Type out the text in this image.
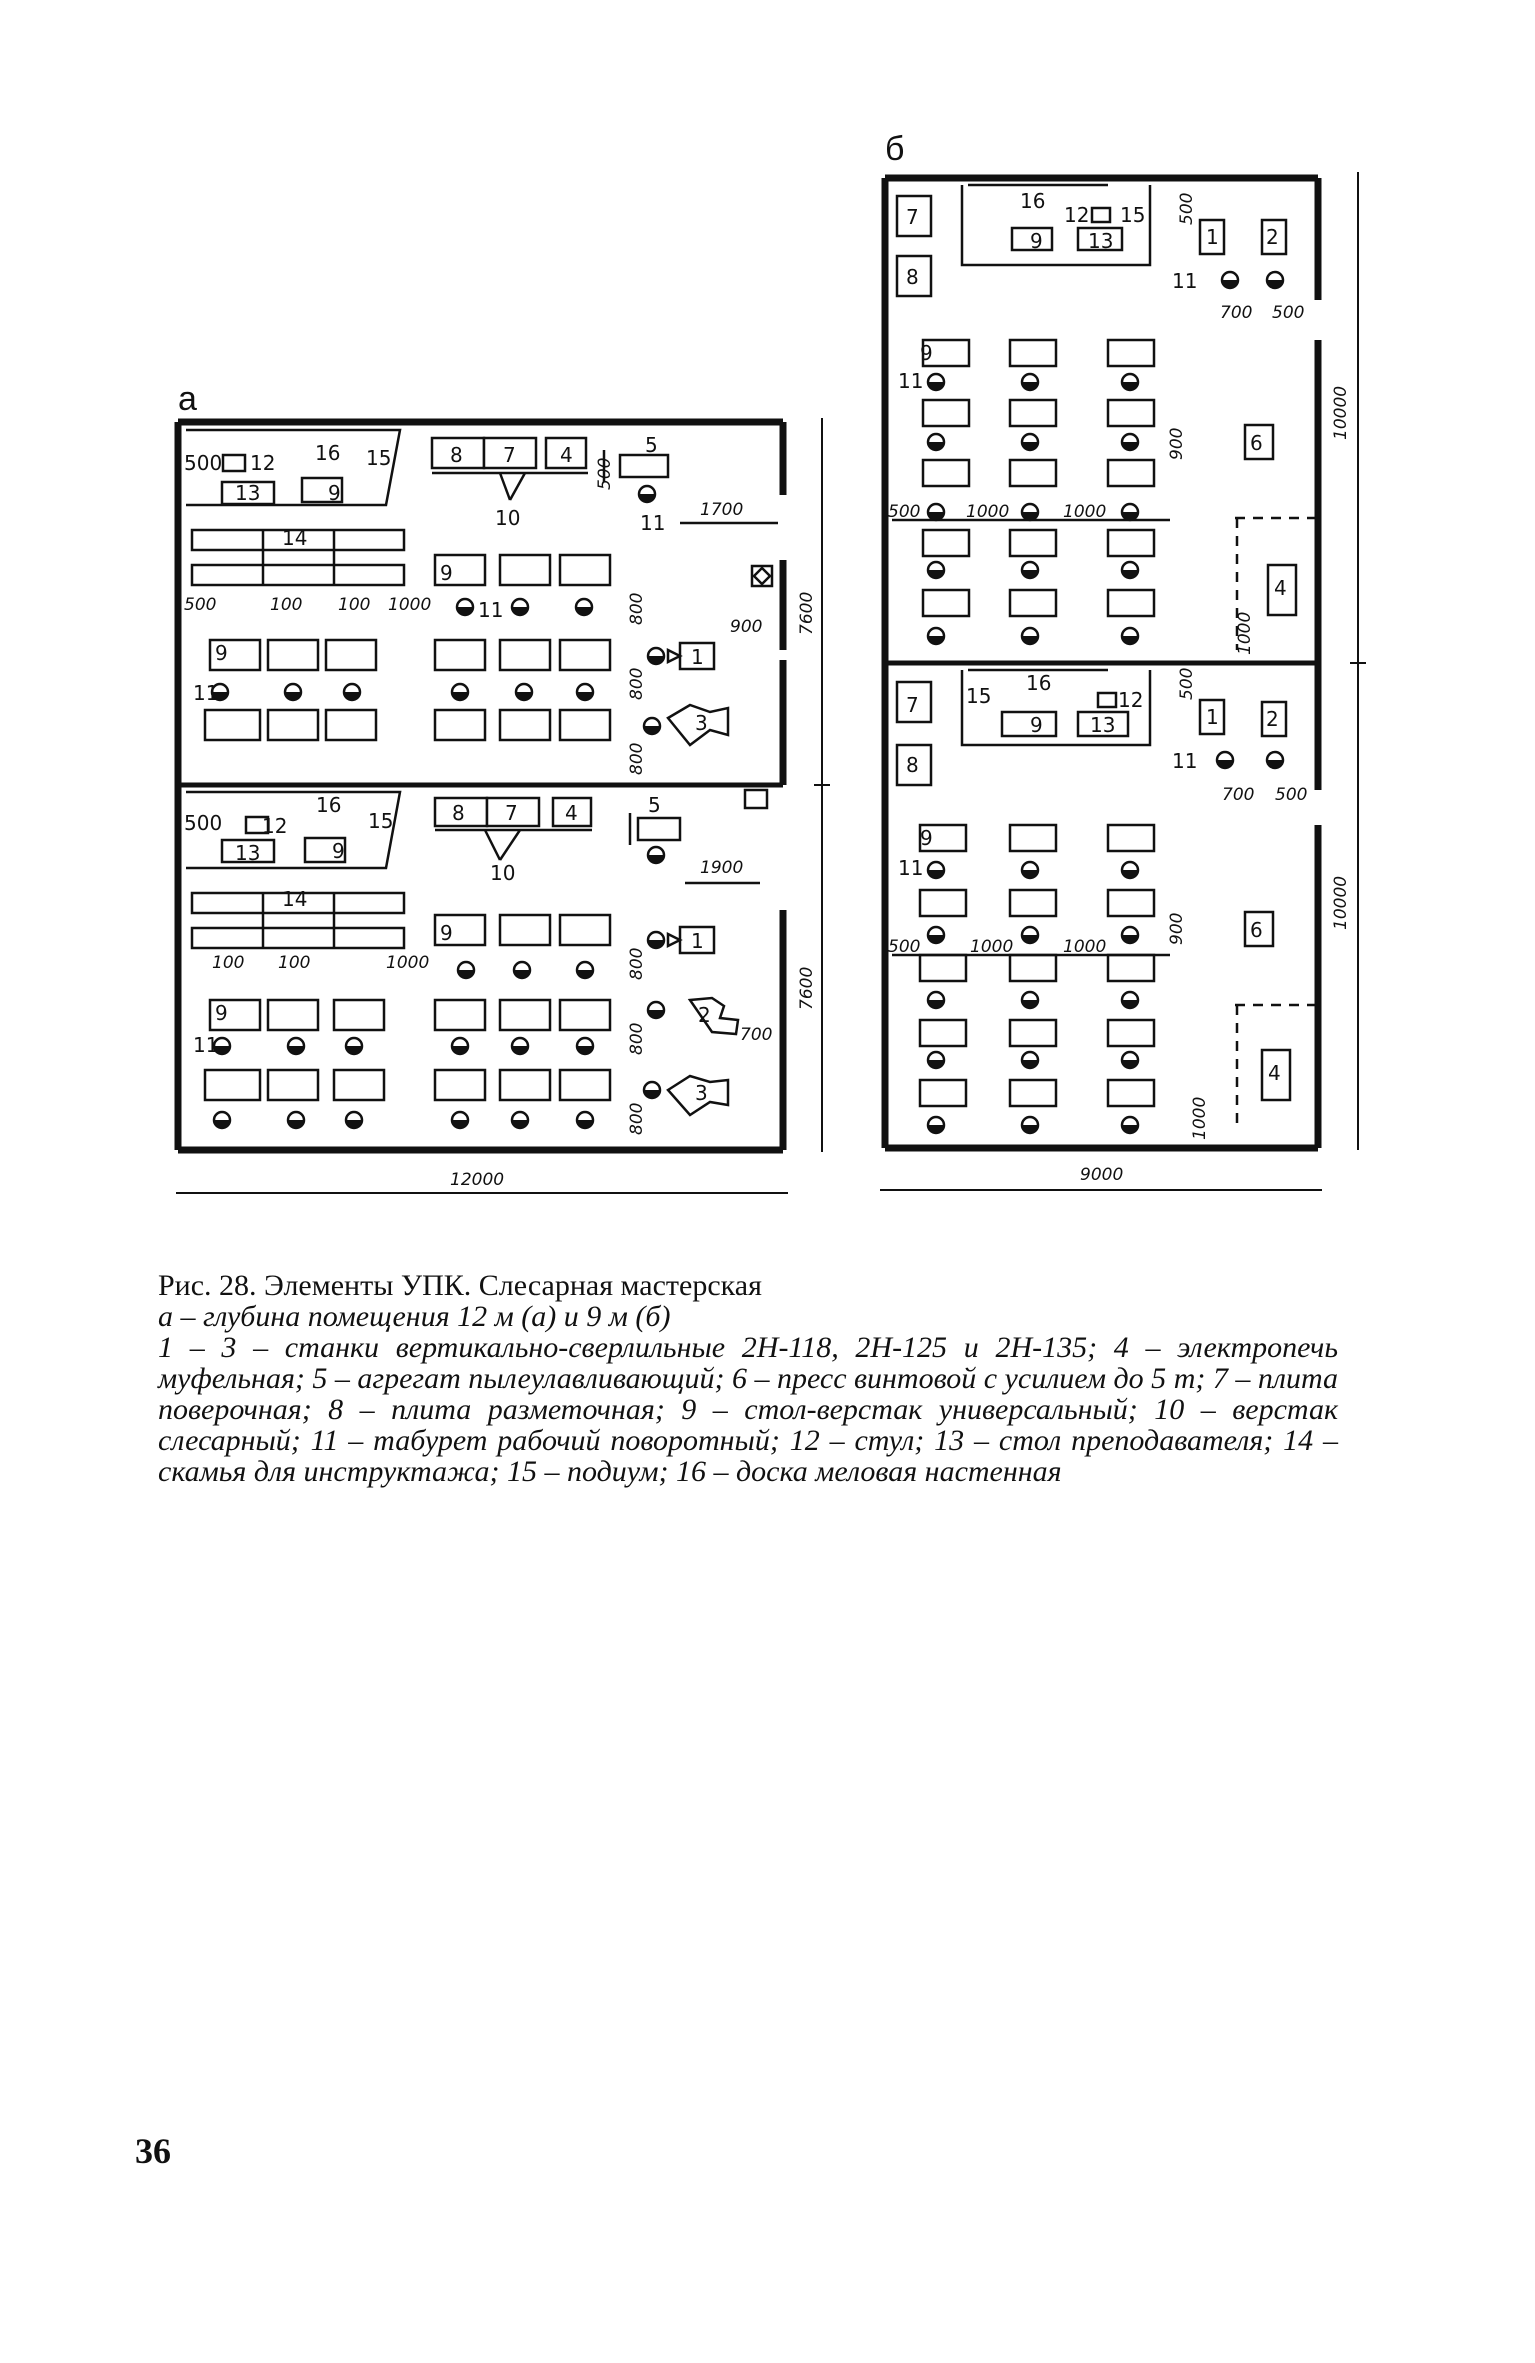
а
500 12 16 15
13	9
8 7 4	5
10	11
14
1700
500	100 100 1000
9
11
9
11
900
1
3
500 12
16
15
13	9
8 7 4	5
10
14
1900
100 100	1000
9
9
11
1
2
700
3
800
800
800
800
800
800
500
7600
7600
12000
б
7
8
16
12 15
13
9	1 2
11
700 500
9
11
6
500	1000	1000
4
7
8
15
16
12
13
9	1 2
11
700 500
9
11
6
500	1000	1000
4
500
900
1000
10000
500
900
1000
10000
9000
Рис. 28. Элементы УПК. Слесарная мастерская
а – глубина помещения 12 м (а) и 9 м (б)
1 – 3 – станки вертикально-сверлильные 2Н-118, 2Н-125 и 2Н-135; 4 – электропечь муфельная; 5 – агрегат пылеулавливающий; 6 – пресс винтовой с усилием до 5 т; 7 – плита поверочная; 8 – плита разметочная; 9 – стол-верстак универсальный; 10 – верстак слесарный; 11 – табурет рабочий поворотный; 12 – стул; 13 – стол преподавателя; 14 – скамья для инструктажа; 15 – подиум; 16 – доска меловая настенная
36
